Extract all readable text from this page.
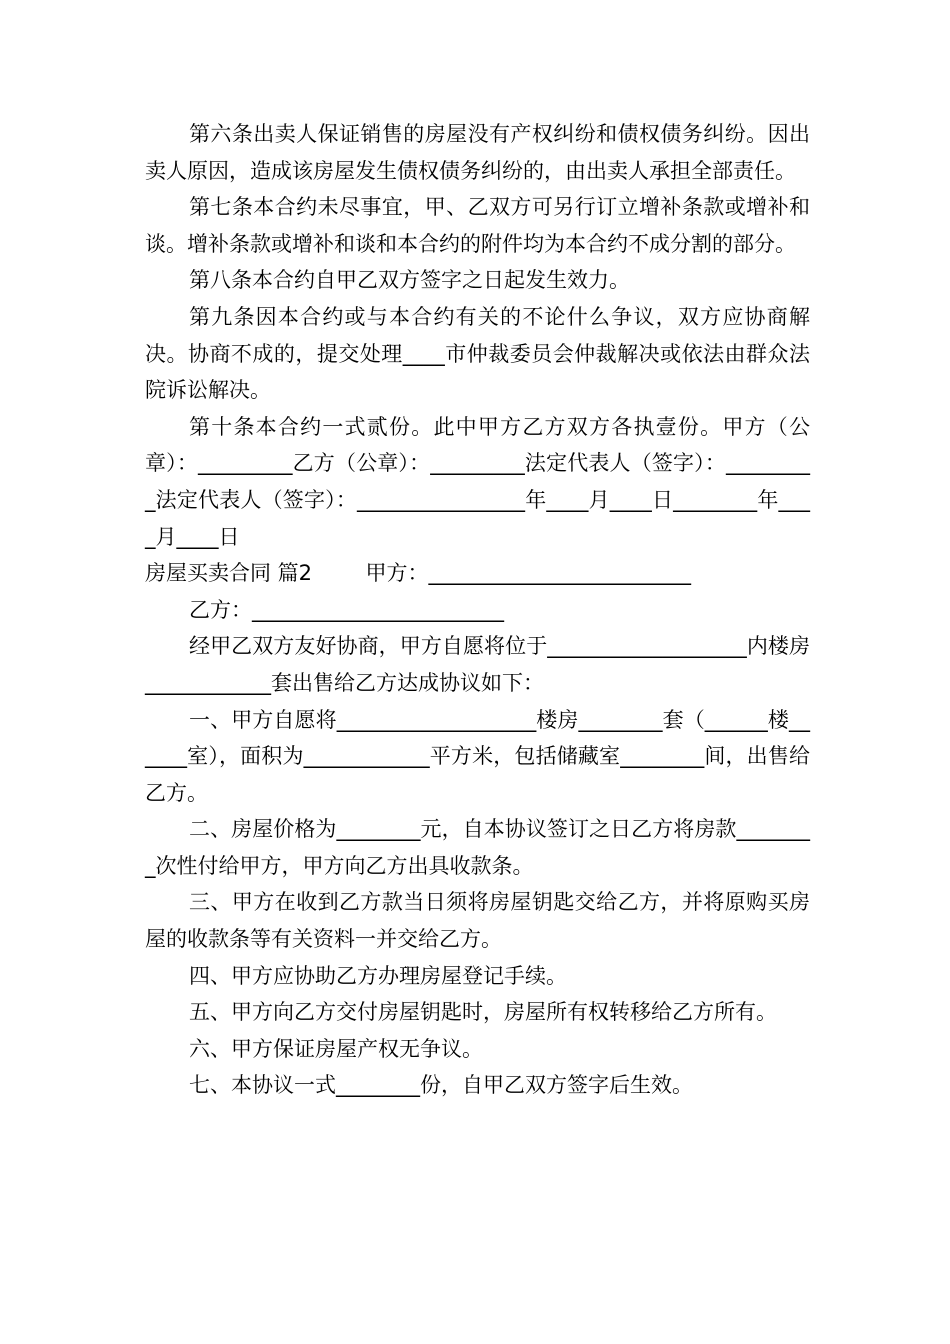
第六条出卖人保证销售的房屋没有产权纠纷和债权债务纠纷。因出卖人原因，造成该房屋发生债权债务纠纷的，由出卖人承担全部责任。

第七条本合约未尽事宜，甲、乙双方可另行订立增补条款或增补和谈。增补条款或增补和谈和本合约的附件均为本合约不成分割的部分。

第八条本合约自甲乙双方签字之日起发生效力。

第九条因本合约或与本合约有关的不论什么争议，双方应协商解决。协商不成的，提交处理____市仲裁委员会仲裁解决或依法由群众法院诉讼解决。

第十条本合约一式贰份。此中甲方乙方双方各执壹份。甲方（公章）：_________乙方（公章）：_________法定代表人（签字）：_________法定代表人（签字）：________________年____月____日________年____月____日

房屋买卖合同 篇2        甲方：_________________________

乙方：________________________

经甲乙双方友好协商，甲方自愿将位于___________________内楼房____________套出售给乙方达成协议如下：

一、甲方自愿将___________________楼房________套（______楼______室），面积为____________平方米，包括储藏室________间，出售给乙方。

二、房屋价格为________元，自本协议签订之日乙方将房款________次性付给甲方，甲方向乙方出具收款条。

三、甲方在收到乙方款当日须将房屋钥匙交给乙方，并将原购买房屋的收款条等有关资料一并交给乙方。

四、甲方应协助乙方办理房屋登记手续。

五、甲方向乙方交付房屋钥匙时，房屋所有权转移给乙方所有。

六、甲方保证房屋产权无争议。

七、本协议一式________份，自甲乙双方签字后生效。
